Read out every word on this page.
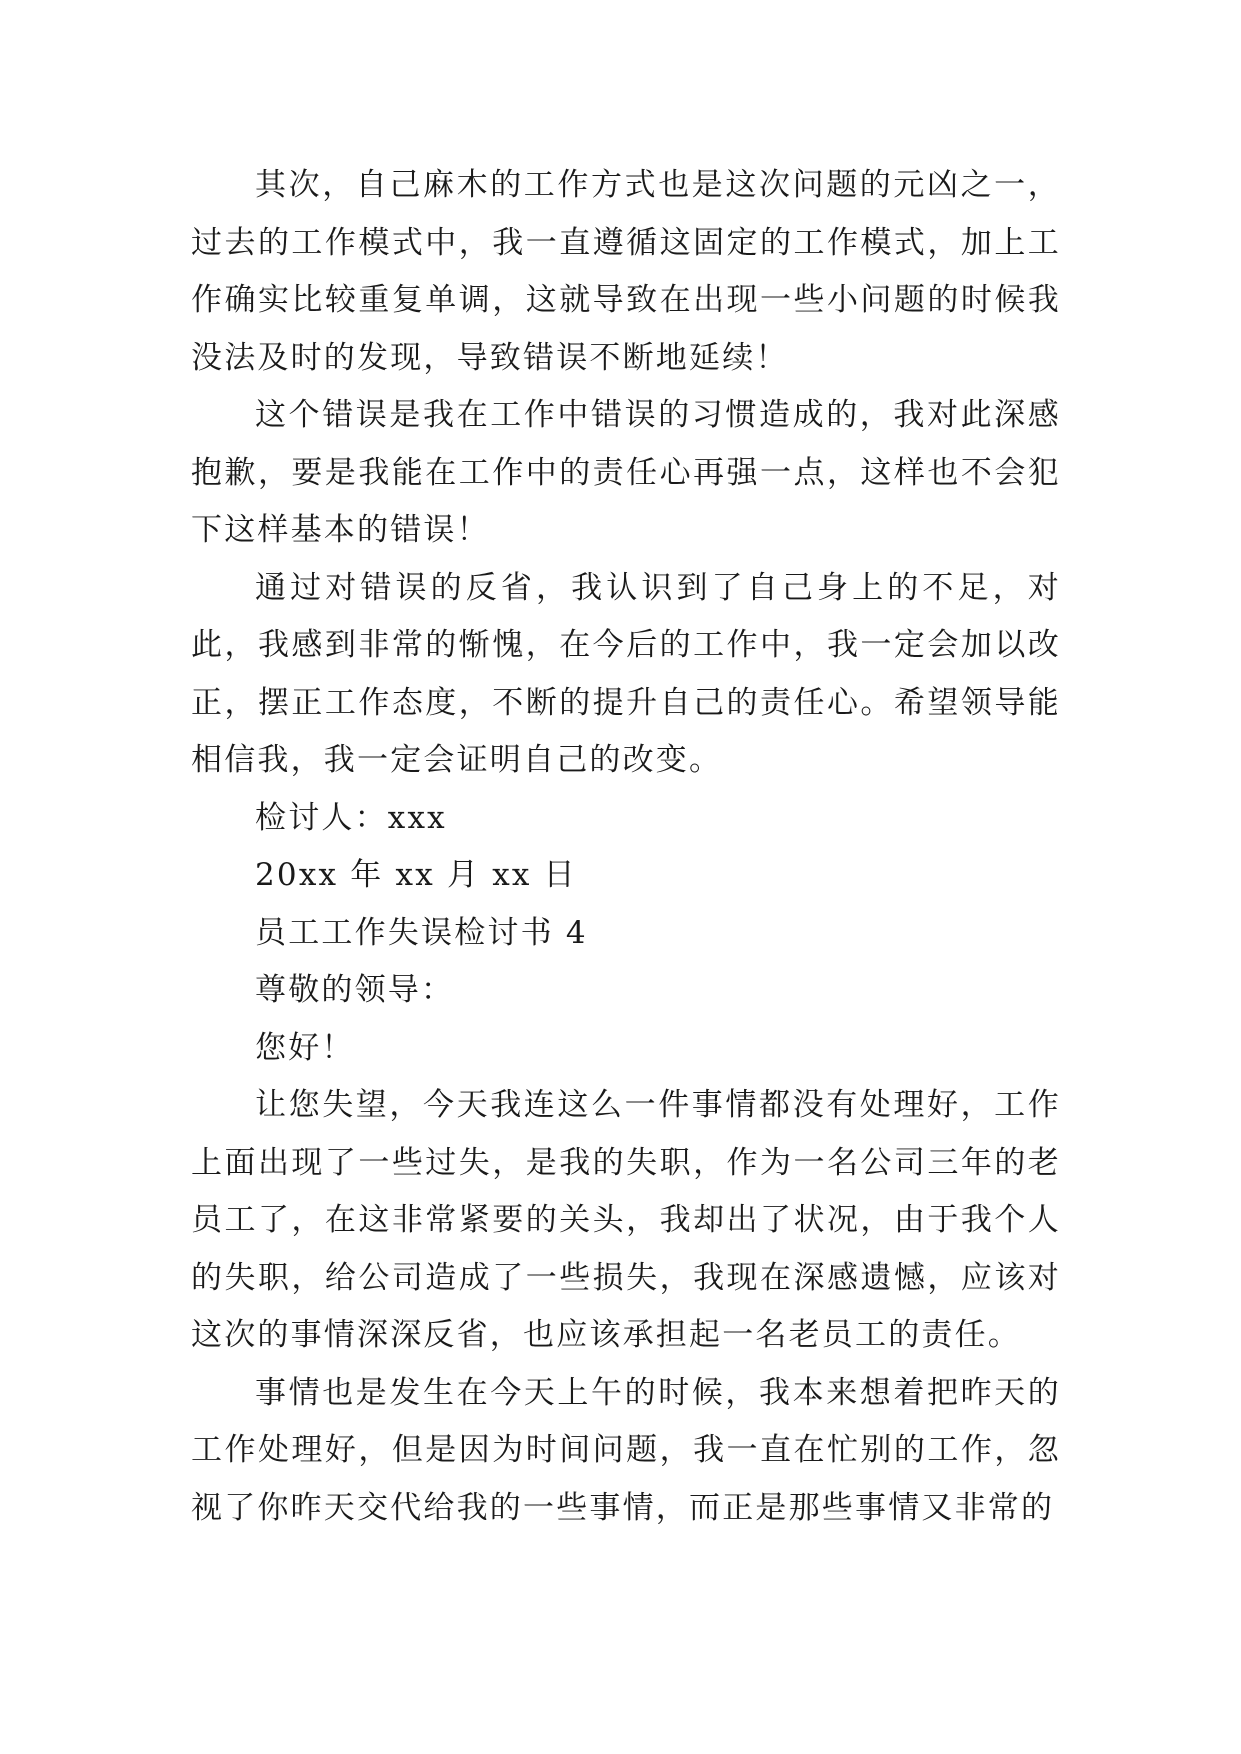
其次，自己麻木的工作方式也是这次问题的元凶之一，过去的工作模式中，我一直遵循这固定的工作模式，加上工作确实比较重复单调，这就导致在出现一些小问题的时候我没法及时的发现，导致错误不断地延续！

这个错误是我在工作中错误的习惯造成的，我对此深感抱歉，要是我能在工作中的责任心再强一点，这样也不会犯下这样基本的错误！

通过对错误的反省，我认识到了自己身上的不足，对此，我感到非常的惭愧，在今后的工作中，我一定会加以改正，摆正工作态度，不断的提升自己的责任心。希望领导能相信我，我一定会证明自己的改变。

检讨人：xxx

20xx 年 xx 月 xx 日

员工工作失误检讨书 4

尊敬的领导：

您好！

让您失望，今天我连这么一件事情都没有处理好，工作上面出现了一些过失，是我的失职，作为一名公司三年的老员工了，在这非常紧要的关头，我却出了状况，由于我个人的失职，给公司造成了一些损失，我现在深感遗憾，应该对这次的事情深深反省，也应该承担起一名老员工的责任。

事情也是发生在今天上午的时候，我本来想着把昨天的工作处理好，但是因为时间问题，我一直在忙别的工作，忽视了你昨天交代给我的一些事情，而正是那些事情又非常的
